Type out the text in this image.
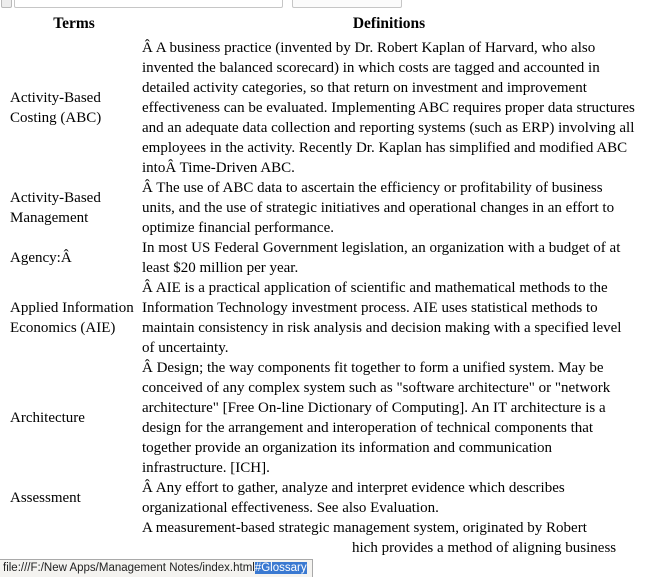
Terms	Definitions
Activity-Based Costing (ABC)	Â A business practice (invented by Dr. Robert Kaplan of Harvard, who also invented the balanced scorecard) in which costs are tagged and accounted in detailed activity categories, so that return on investment and improvement effectiveness can be evaluated. Implementing ABC requires proper data structures and an adequate data collection and reporting systems (such as ERP) involving all employees in the activity. Recently Dr. Kaplan has simplified and modified ABC intoÂ Time-Driven ABC.
Activity-Based Management	Â The use of ABC data to ascertain the efficiency or profitability of business units, and the use of strategic initiatives and operational changes in an effort to optimize financial performance.
Agency:Â	In most US Federal Government legislation, an organization with a budget of at least $20 million per year.
Applied Information Economics (AIE)	Â AIE is a practical application of scientific and mathematical methods to the Information Technology investment process. AIE uses statistical methods to maintain consistency in risk analysis and decision making with a specified level of uncertainty.
Architecture	Â Design; the way components fit together to form a unified system. May be conceived of any complex system such as "software architecture" or "network architecture" [Free On-line Dictionary of Computing]. An IT architecture is a design for the arrangement and interoperation of technical components that together provide an organization its information and communication infrastructure. [ICH].
Assessment	Â Any effort to gather, analyze and interpret evidence which describes organizational effectiveness. See also Evaluation.

	A measurement-based strategic management system, originated by Robert
hich provides a method of aligning business
file:///F:/New Apps/Management Notes/index.html#Glossary
